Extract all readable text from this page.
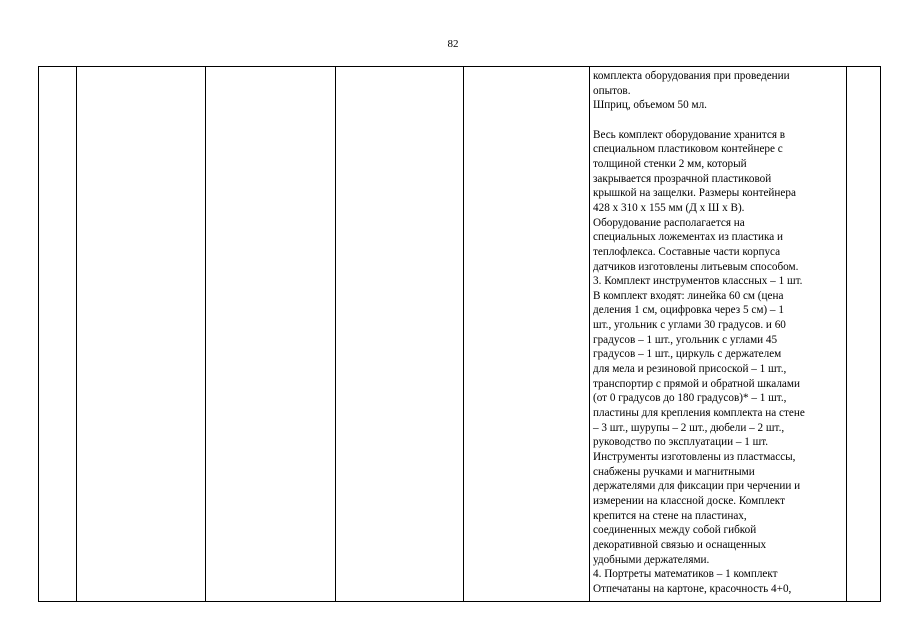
82

комплекта оборудования при проведении
опытов.
Шприц, объемом 50 мл.
Весь комплект оборудование хранится в
специальном пластиковом контейнере с
толщиной стенки 2 мм, который
закрывается прозрачной пластиковой
крышкой на защелки. Размеры контейнера
428 х 310 х 155 мм (Д х Ш х В).
Оборудование располагается на
специальных ложементах из пластика и
теплофлекса. Составные части корпуса
датчиков изготовлены литьевым способом.
3. Комплект инструментов классных – 1 шт.
В комплект входят: линейка 60 см (цена
деления 1 см, оцифровка через 5 см) – 1
шт., угольник с углами 30 градусов. и 60
градусов – 1 шт., угольник с углами 45
градусов – 1 шт., циркуль с держателем
для мела и резиновой присоской – 1 шт.,
транспортир с прямой и обратной шкалами
(от 0 градусов до 180 градусов)* – 1 шт.,
пластины для крепления комплекта на стене
– 3 шт., шурупы – 2 шт., дюбели – 2 шт.,
руководство по эксплуатации – 1 шт.
Инструменты изготовлены из пластмассы,
снабжены ручками и магнитными
держателями для фиксации при черчении и
измерении на классной доске. Комплект
крепится на стене на пластинах,
соединенных между собой гибкой
декоративной связью и оснащенных
удобными держателями.
4. Портреты математиков – 1 комплект
Отпечатаны на картоне, красочность 4+0,
